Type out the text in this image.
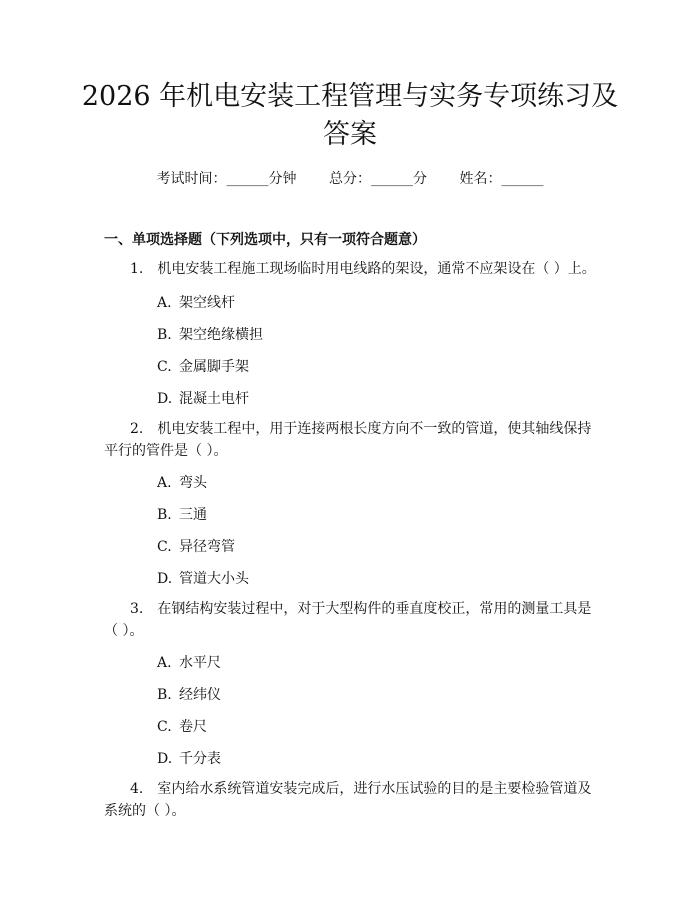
2026 年机电安装工程管理与实务专项练习及
答案
考试时间：______分钟 总分：______分 姓名：______

一、单项选择题（下列选项中，只有一项符合题意）

1.　机电安装工程施工现场临时用电线路的架设，通常不应架设在（ ）上。

A. 架空线杆

B. 架空绝缘横担

C. 金属脚手架

D. 混凝土电杆

2.　机电安装工程中，用于连接两根长度方向不一致的管道，使其轴线保持平行的管件是（ ）。

A. 弯头

B. 三通

C. 异径弯管

D. 管道大小头

3.　在钢结构安装过程中，对于大型构件的垂直度校正，常用的测量工具是（ ）。

A. 水平尺

B. 经纬仪

C. 卷尺

D. 千分表

4.　室内给水系统管道安装完成后，进行水压试验的目的是主要检验管道及系统的（ ）。
